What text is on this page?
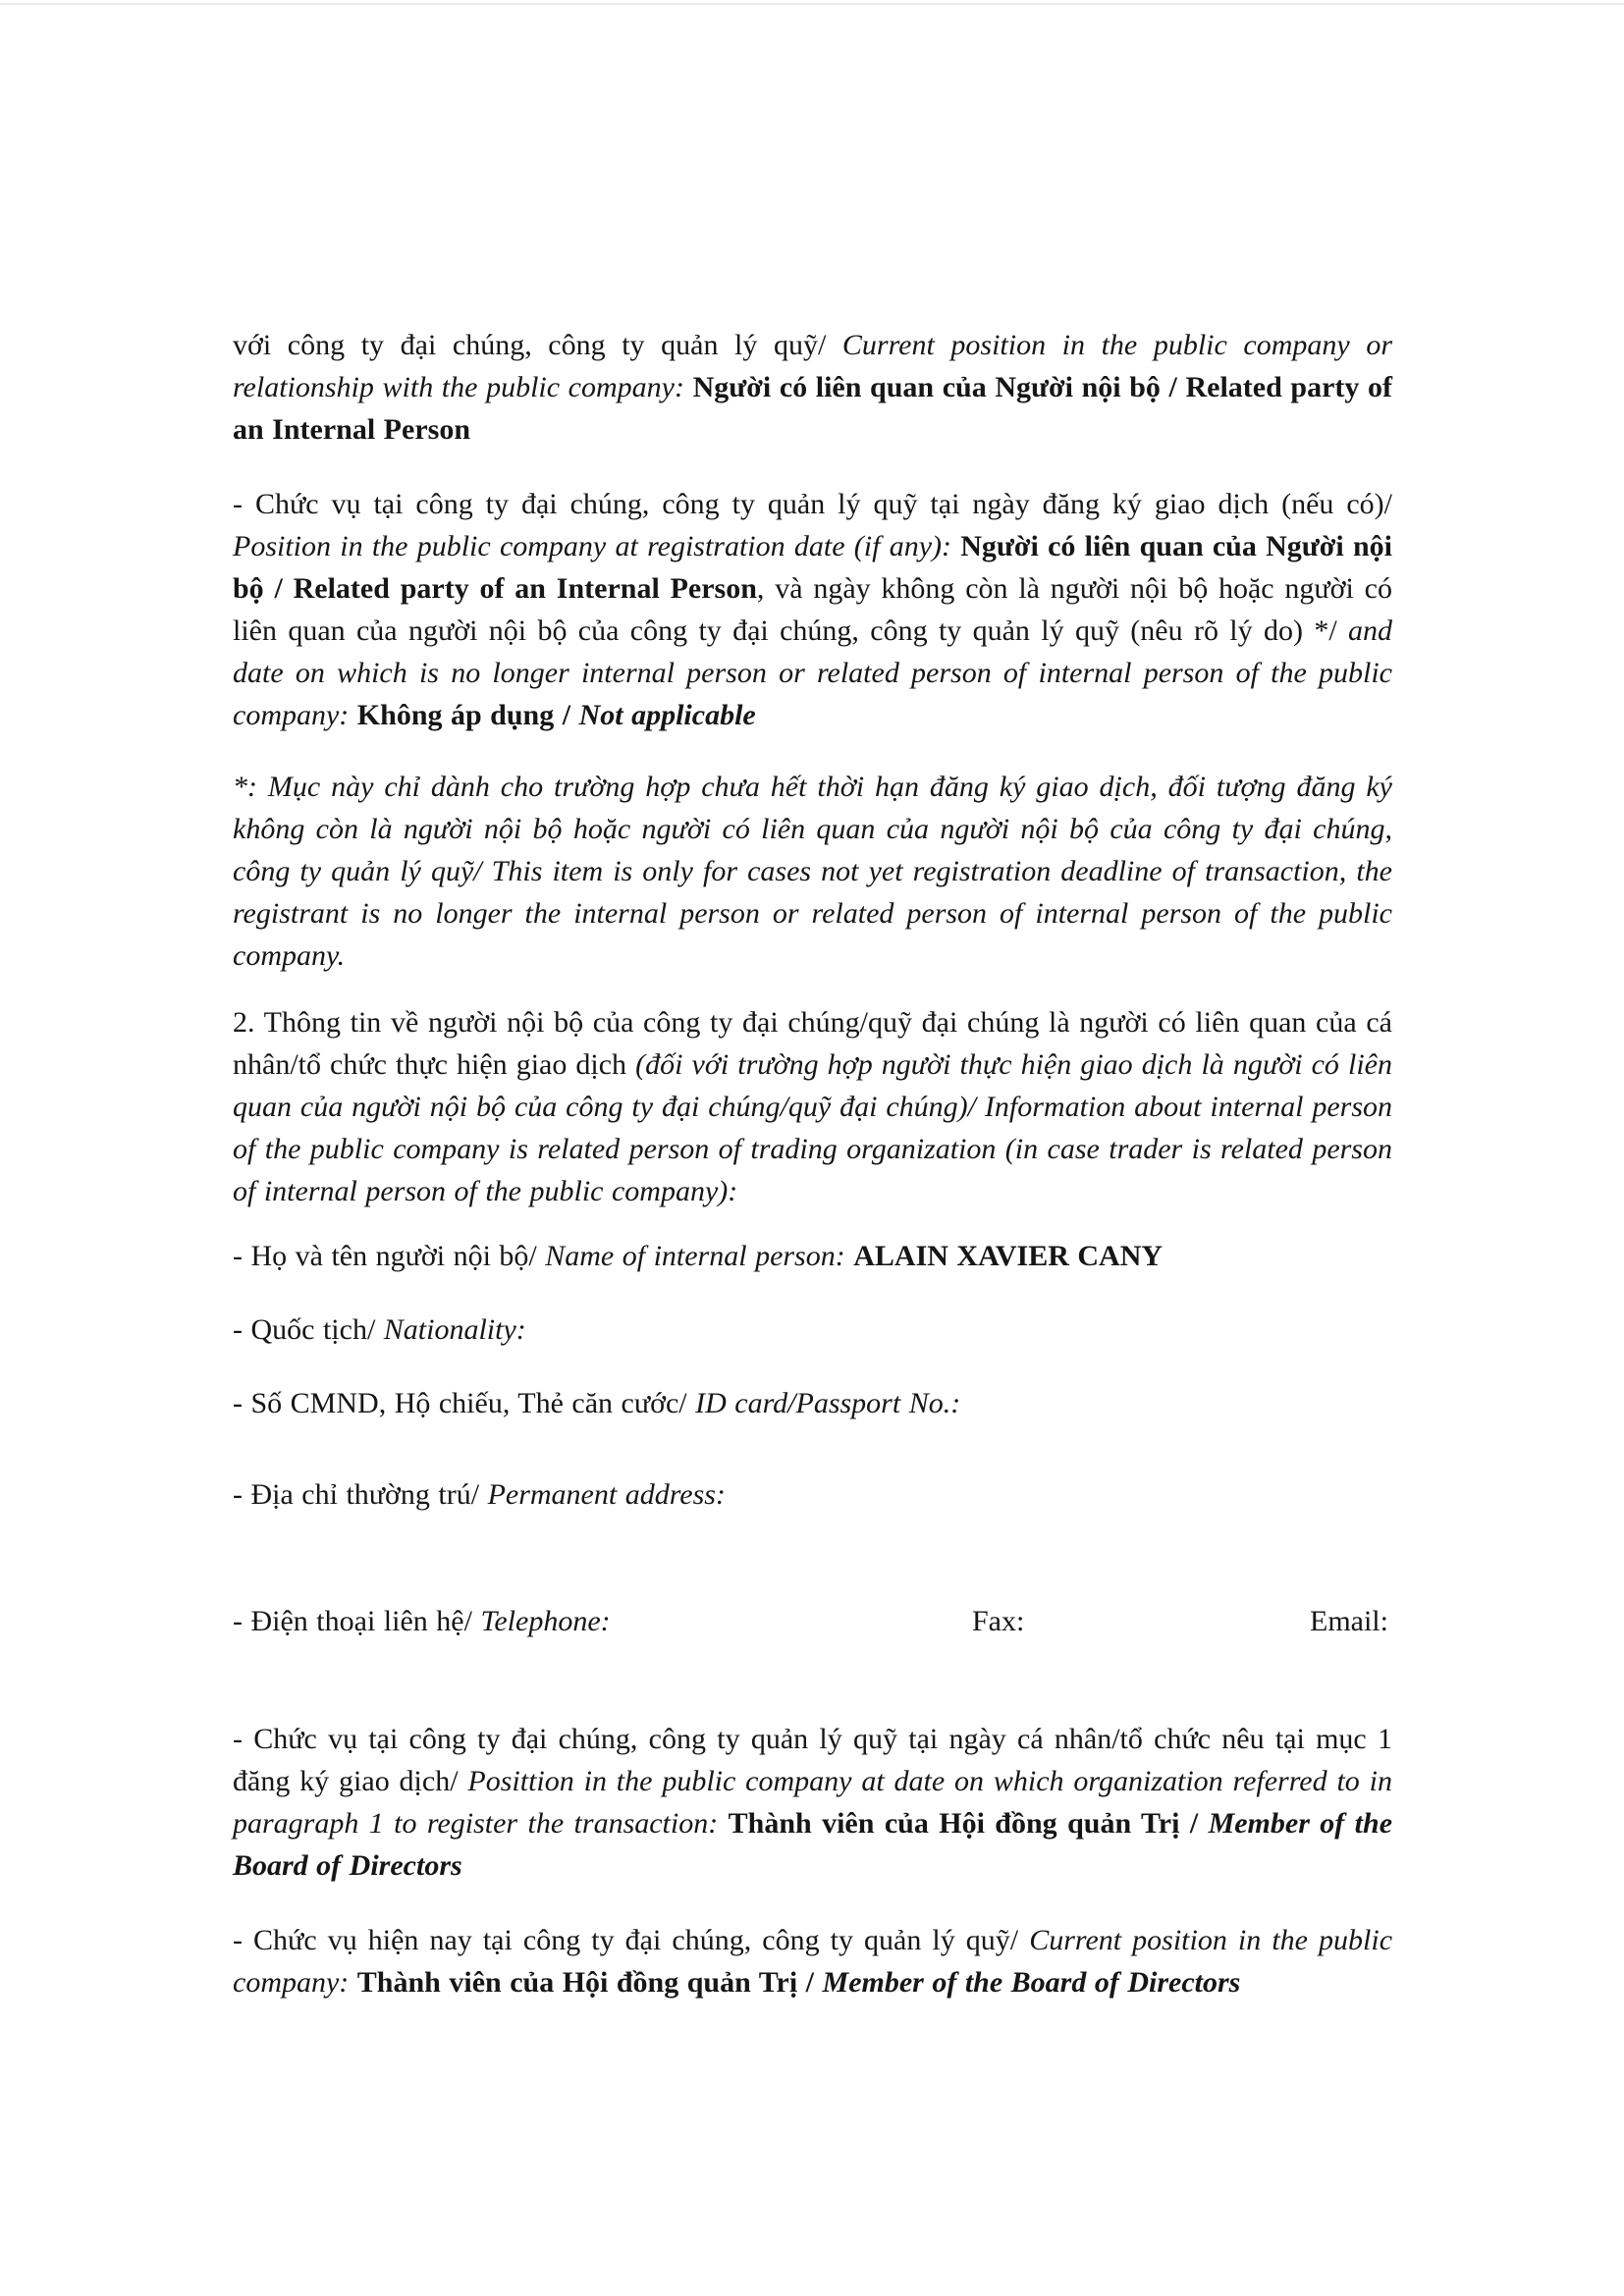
với công ty đại chúng, công ty quản lý quỹ/ Current position in the public company or relationship with the public company: Người có liên quan của Người nội bộ / Related party of an Internal Person

- Chức vụ tại công ty đại chúng, công ty quản lý quỹ tại ngày đăng ký giao dịch (nếu có)/ Position in the public company at registration date (if any): Người có liên quan của Người nội bộ / Related party of an Internal Person, và ngày không còn là người nội bộ hoặc người có liên quan của người nội bộ của công ty đại chúng, công ty quản lý quỹ (nêu rõ lý do) */ and date on which is no longer internal person or related person of internal person of the public company: Không áp dụng / Not applicable

*: Mục này chỉ dành cho trường hợp chưa hết thời hạn đăng ký giao dịch, đối tượng đăng ký không còn là người nội bộ hoặc người có liên quan của người nội bộ của công ty đại chúng, công ty quản lý quỹ/ This item is only for cases not yet registration deadline of transaction, the registrant is no longer the internal person or related person of internal person of the public company.

2. Thông tin về người nội bộ của công ty đại chúng/quỹ đại chúng là người có liên quan của cá nhân/tổ chức thực hiện giao dịch (đối với trường hợp người thực hiện giao dịch là người có liên quan của người nội bộ của công ty đại chúng/quỹ đại chúng)/ Information about internal person of the public company is related person of trading organization (in case trader is related person of internal person of the public company):

- Họ và tên người nội bộ/ Name of internal person: ALAIN XAVIER CANY

- Quốc tịch/ Nationality:

- Số CMND, Hộ chiếu, Thẻ căn cước/ ID card/Passport No.:

- Địa chỉ thường trú/ Permanent address:

- Điện thoại liên hệ/ Telephone:	Fax:	Email:

- Chức vụ tại công ty đại chúng, công ty quản lý quỹ tại ngày cá nhân/tổ chức nêu tại mục 1 đăng ký giao dịch/ Posittion in the public company at date on which organization referred to in paragraph 1 to register the transaction: Thành viên của Hội đồng quản Trị / Member of the Board of Directors

- Chức vụ hiện nay tại công ty đại chúng, công ty quản lý quỹ/ Current position in the public company: Thành viên của Hội đồng quản Trị / Member of the Board of Directors
